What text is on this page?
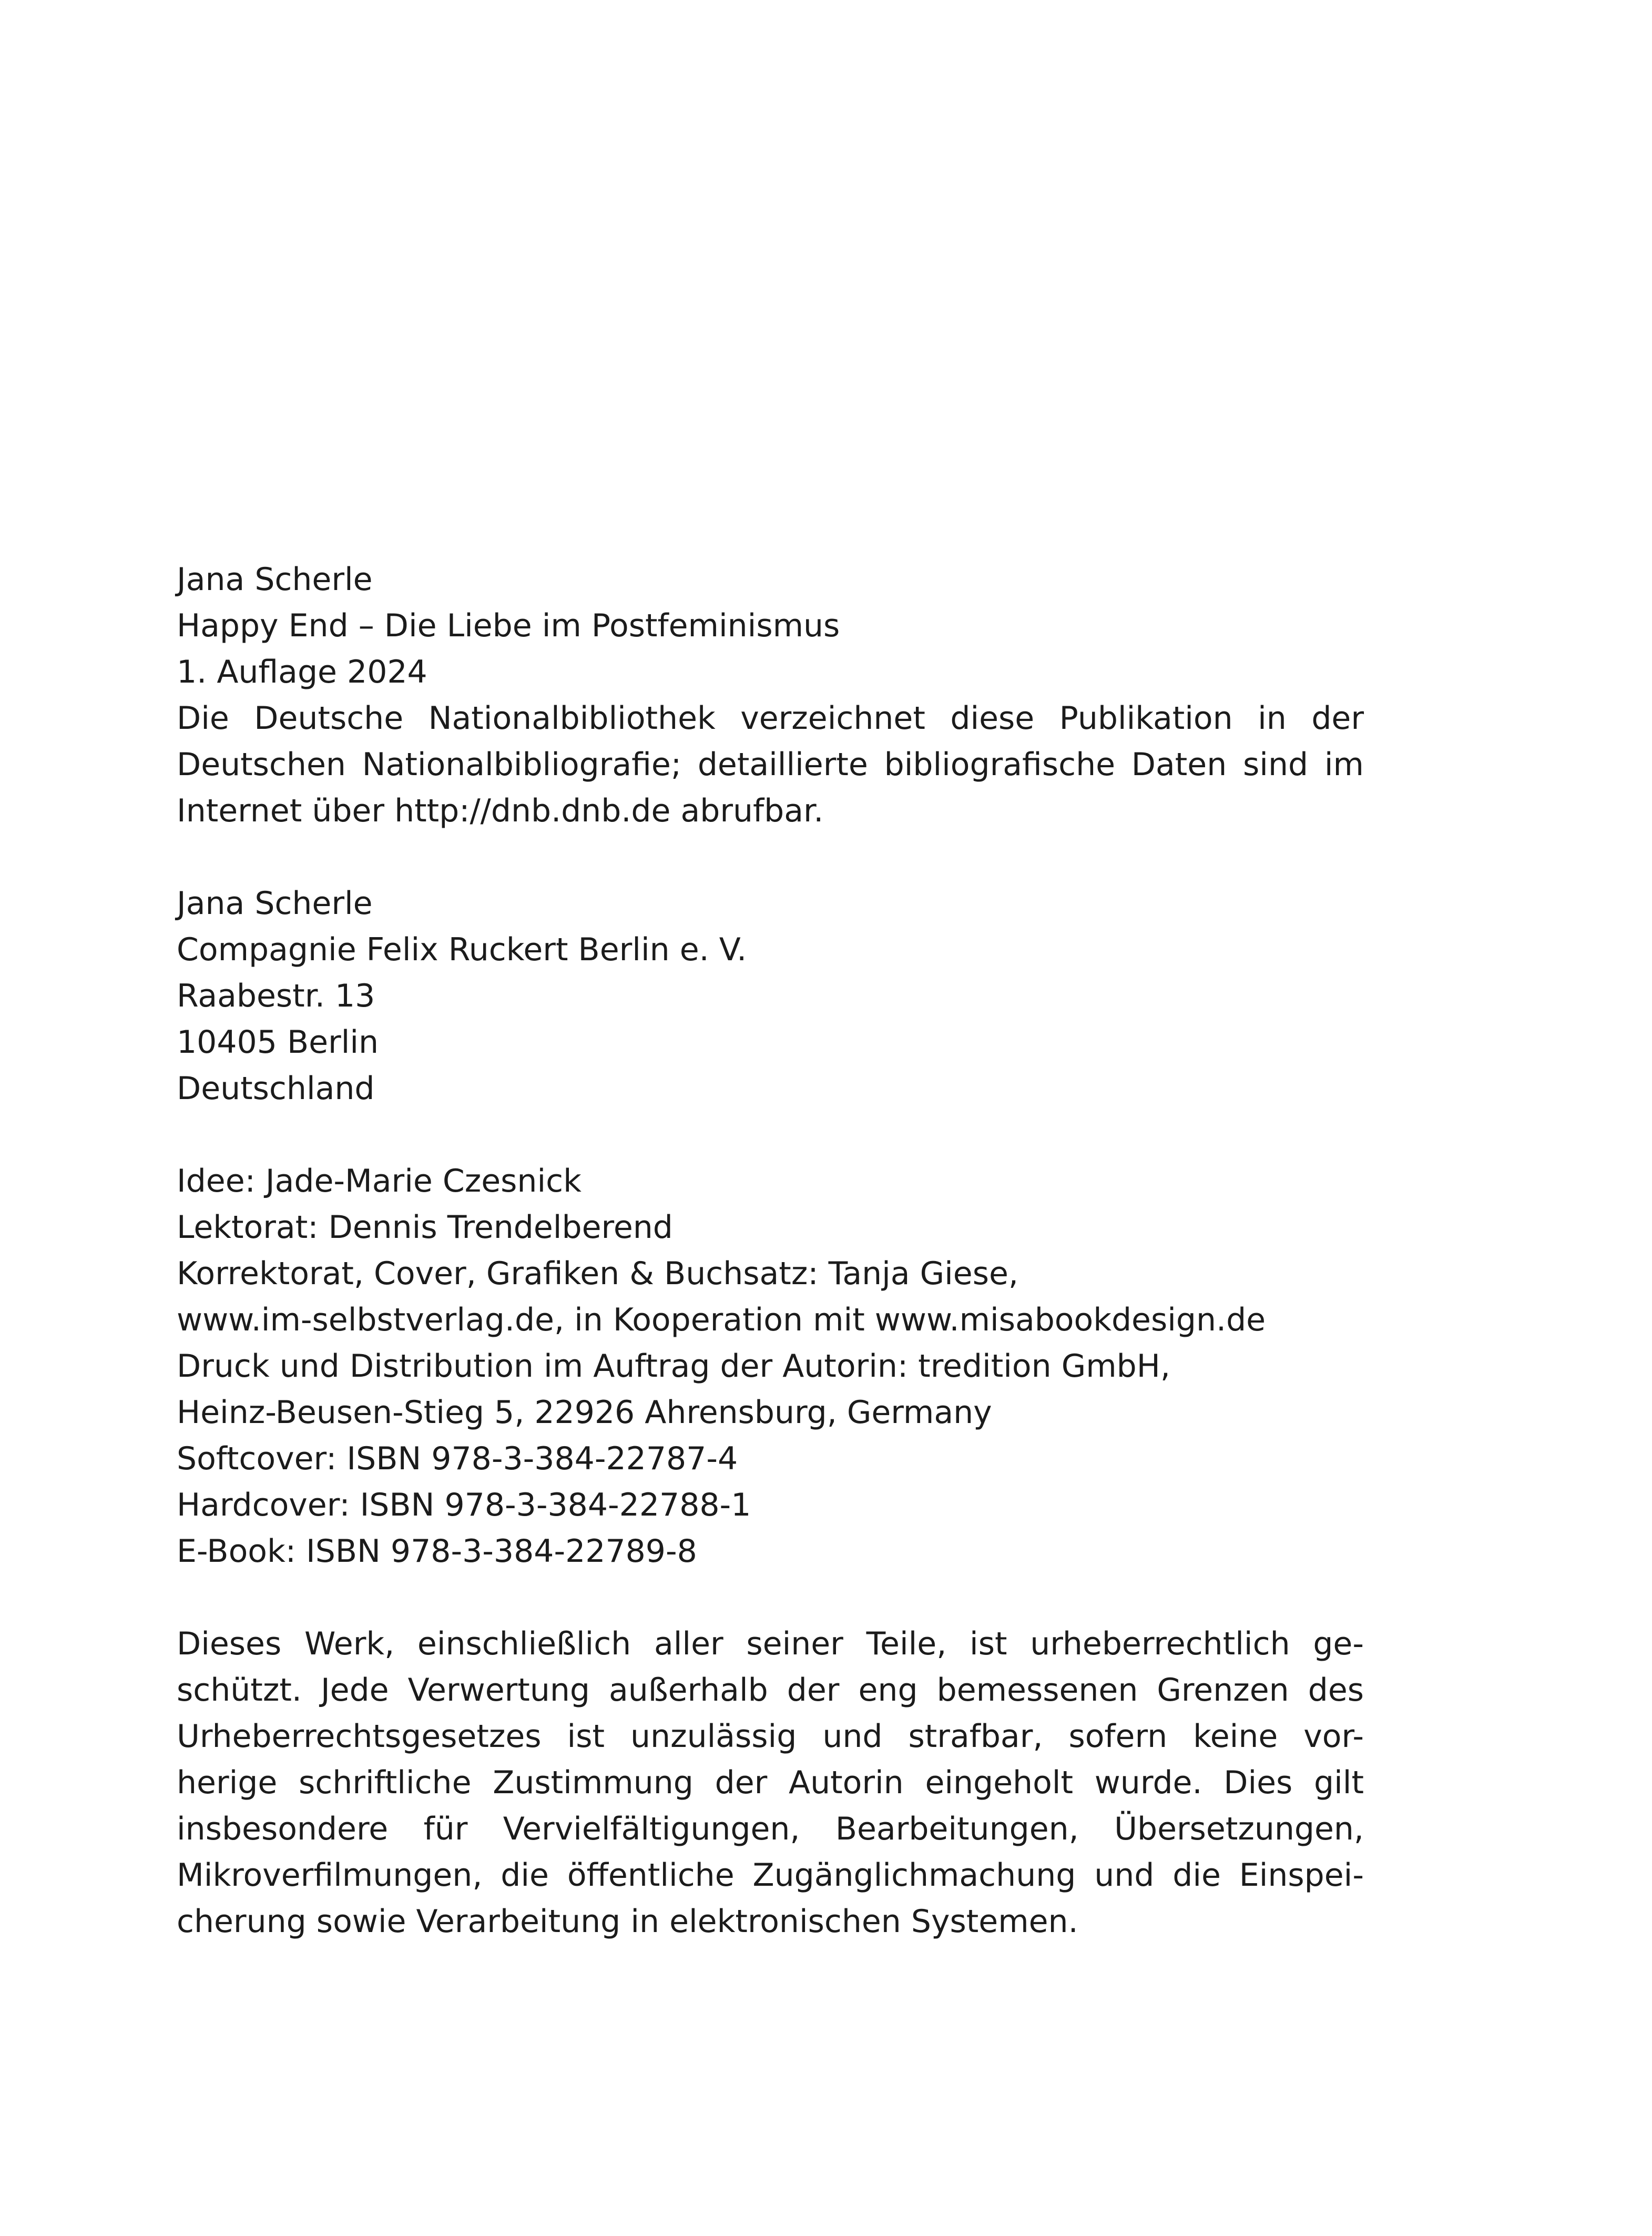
Jana Scherle
Happy End – Die Liebe im Postfeminismus
1. Auflage 2024
Die Deutsche Nationalbibliothek verzeichnet diese Publikation in der
Deutschen Nationalbibliografie; detaillierte bibliografische Daten sind im
Internet über http://dnb.dnb.de abrufbar.
Jana Scherle
Compagnie Felix Ruckert Berlin e. V.
Raabestr. 13
10405 Berlin
Deutschland
Idee: Jade-Marie Czesnick
Lektorat: Dennis Trendelberend
Korrektorat, Cover, Grafiken & Buchsatz: Tanja Giese,
www.im-selbstverlag.de, in Kooperation mit www.misabookdesign.de
Druck und Distribution im Auftrag der Autorin: tredition GmbH,
Heinz-Beusen-Stieg 5, 22926 Ahrensburg, Germany
Softcover: ISBN 978-3-384-22787-4
Hardcover: ISBN 978-3-384-22788-1
E-Book: ISBN 978-3-384-22789-8
Dieses Werk, einschließlich aller seiner Teile, ist urheberrechtlich ge-
schützt. Jede Verwertung außerhalb der eng bemessenen Grenzen des
Urheberrechtsgesetzes ist unzulässig und strafbar, sofern keine vor-
herige schriftliche Zustimmung der Autorin eingeholt wurde. Dies gilt
insbesondere für Vervielfältigungen, Bearbeitungen, Übersetzungen,
Mikroverfilmungen, die öffentliche Zugänglichmachung und die Einspei-
cherung sowie Verarbeitung in elektronischen Systemen.
